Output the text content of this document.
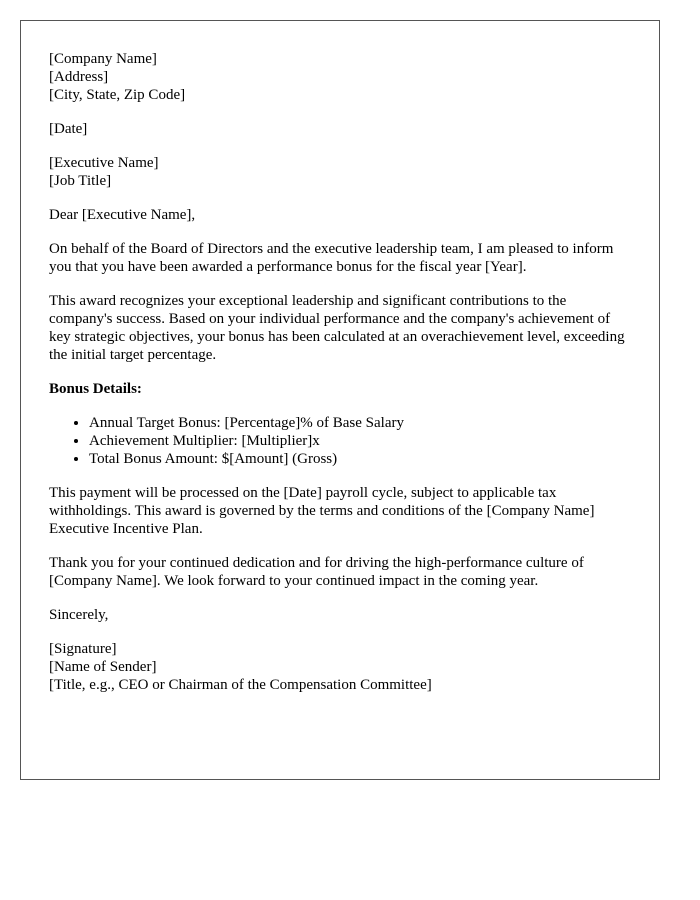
[Company Name]
[Address]
[City, State, Zip Code]
[Date]
[Executive Name]
[Job Title]

Dear [Executive Name],

On behalf of the Board of Directors and the executive leadership team, I am pleased to inform you that you have been awarded a performance bonus for the fiscal year [Year].

This award recognizes your exceptional leadership and significant contributions to the company's success. Based on your individual performance and the company's achievement of key strategic objectives, your bonus has been calculated at an overachievement level, exceeding the initial target percentage.

Bonus Details:
• Annual Target Bonus: [Percentage]% of Base Salary
• Achievement Multiplier: [Multiplier]x
• Total Bonus Amount: $[Amount] (Gross)

This payment will be processed on the [Date] payroll cycle, subject to applicable tax withholdings. This award is governed by the terms and conditions of the [Company Name] Executive Incentive Plan.

Thank you for your continued dedication and for driving the high-performance culture of [Company Name]. We look forward to your continued impact in the coming year.

Sincerely,

[Signature]
[Name of Sender]
[Title, e.g., CEO or Chairman of the Compensation Committee]
